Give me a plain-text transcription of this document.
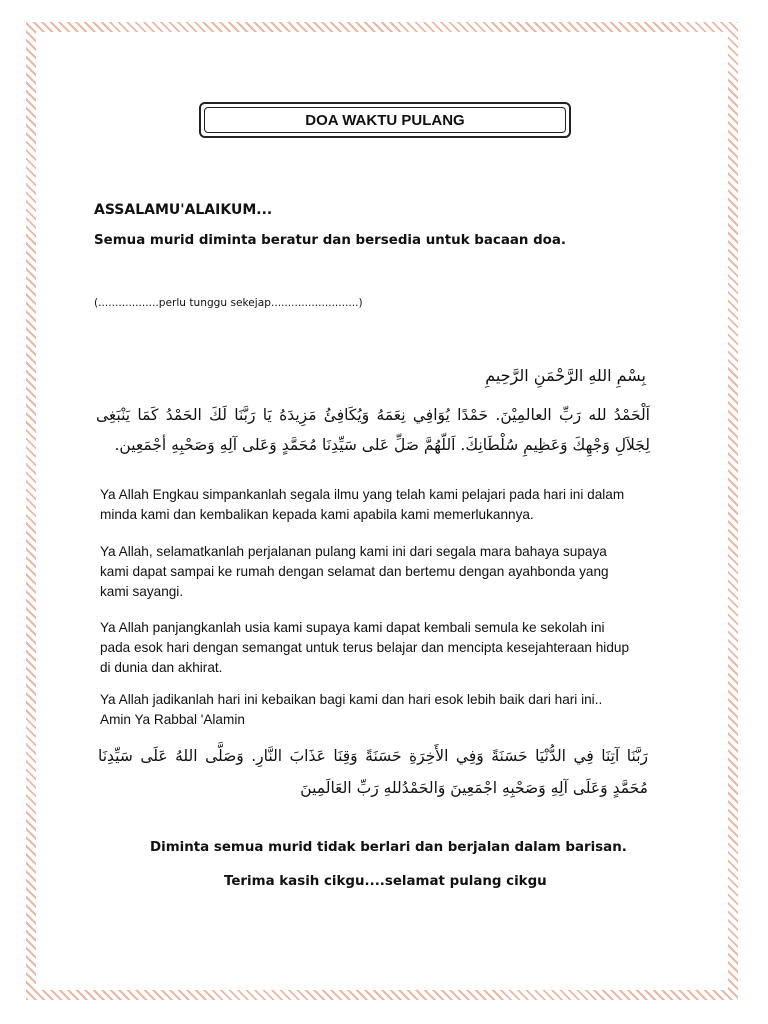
DOA WAKTU PULANG
ASSALAMU'ALAIKUM...
Semua murid diminta beratur dan bersedia untuk bacaan doa.
(..................perlu tunggu sekejap..........................)
بِسْمِ اللهِ الرَّحْمَنِ الرَّحِيمِ
اَلْحَمْدُ لله رَبِّ العالمِيْنَ. حَمْدًا يُوَافِي نِعَمَهُ وَيُكَافِئُ مَزِيدَهُ يَا رَبَّنَا لَكَ الحَمْدُ كَمَا يَنْبَغِى لِجَلاَلِ وَجْهِكَ وَعَظِيمِ سُلْطَانِكَ. اَللّهُمَّ صَلِّ عَلى سَيِّدِنَا مُحَمَّدٍ وَعَلى آلِهِ وَصَحْبِهِ أجْمَعِين.
Ya Allah Engkau simpankanlah segala ilmu yang telah kami pelajari pada hari ini dalam minda kami dan kembalikan kepada kami apabila kami memerlukannya.
Ya Allah, selamatkanlah perjalanan pulang kami ini dari segala mara bahaya supaya kami dapat sampai ke rumah dengan selamat dan bertemu dengan ayahbonda yang kami sayangi.
Ya Allah panjangkanlah usia kami supaya kami dapat kembali semula ke sekolah ini pada esok hari dengan semangat untuk terus belajar dan mencipta kesejahteraan hidup di dunia dan akhirat.
Ya Allah jadikanlah hari ini kebaikan bagi kami dan hari esok lebih baik dari hari ini.. Amin Ya Rabbal 'Alamin
رَبَّنَا آتِنَا فِي الدُّنْيَا حَسَنَةً وَفِي الأَخِرَةِ حَسَنَةً وَقِنَا عَذَابَ النَّارِ. وَصَلَّى اللهُ عَلَى سَيِّدِنَا مُحَمَّدٍ وَعَلَى آلِهِ وَصَحْبِهِ اجْمَعِينَ وَالحَمْدُللهِ رَبِّ العَالَمِينَ
Diminta semua murid tidak berlari dan berjalan dalam barisan.
Terima kasih cikgu....selamat pulang cikgu
